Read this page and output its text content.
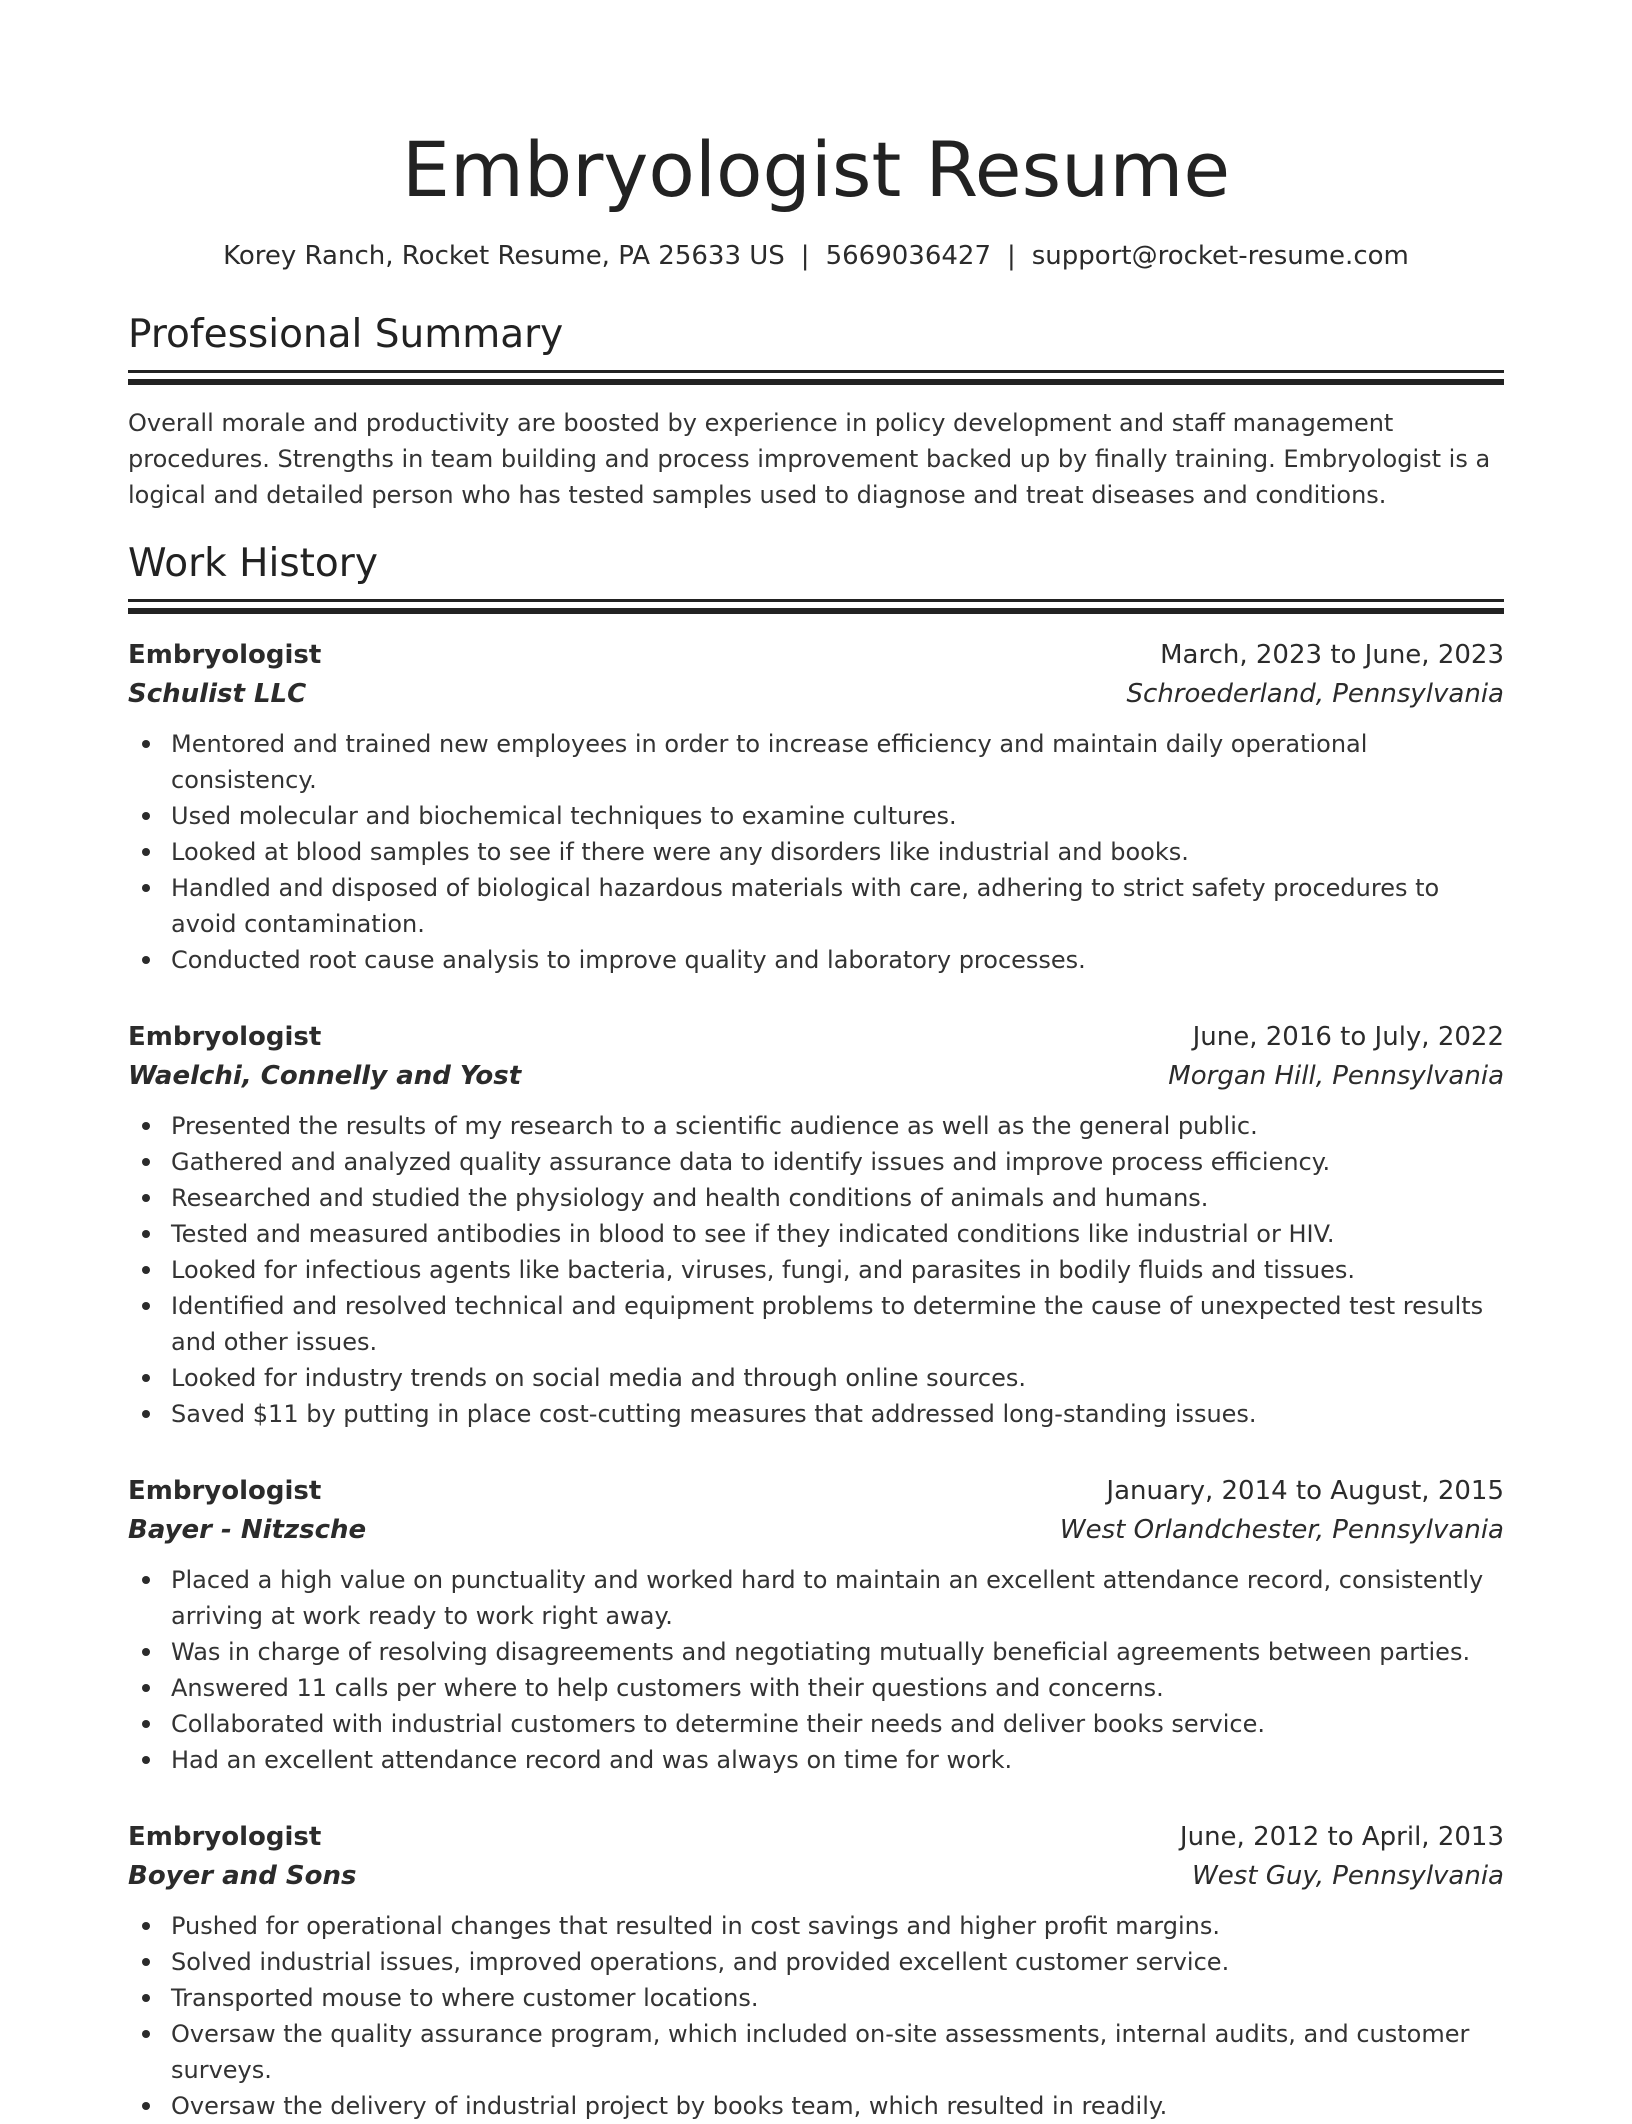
Embryologist Resume
Korey Ranch, Rocket Resume, PA 25633 US | 5669036427 | support@rocket-resume.com
Professional Summary

Overall morale and productivity are boosted by experience in policy development and staff management procedures. Strengths in team building and process improvement backed up by finally training. Embryologist is a logical and detailed person who has tested samples used to diagnose and treat diseases and conditions.

Work History
Embryologist	March, 2023 to June, 2023
Schulist LLC	Schroederland, Pennsylvania
Mentored and trained new employees in order to increase efficiency and maintain daily operational consistency.
Used molecular and biochemical techniques to examine cultures.
Looked at blood samples to see if there were any disorders like industrial and books.
Handled and disposed of biological hazardous materials with care, adhering to strict safety procedures to avoid contamination.
Conducted root cause analysis to improve quality and laboratory processes.
Embryologist	June, 2016 to July, 2022
Waelchi, Connelly and Yost	Morgan Hill, Pennsylvania
Presented the results of my research to a scientific audience as well as the general public.
Gathered and analyzed quality assurance data to identify issues and improve process efficiency.
Researched and studied the physiology and health conditions of animals and humans.
Tested and measured antibodies in blood to see if they indicated conditions like industrial or HIV.
Looked for infectious agents like bacteria, viruses, fungi, and parasites in bodily fluids and tissues.
Identified and resolved technical and equipment problems to determine the cause of unexpected test results and other issues.
Looked for industry trends on social media and through online sources.
Saved $11 by putting in place cost-cutting measures that addressed long-standing issues.
Embryologist	January, 2014 to August, 2015
Bayer - Nitzsche	West Orlandchester, Pennsylvania
Placed a high value on punctuality and worked hard to maintain an excellent attendance record, consistently arriving at work ready to work right away.
Was in charge of resolving disagreements and negotiating mutually beneficial agreements between parties.
Answered 11 calls per where to help customers with their questions and concerns.
Collaborated with industrial customers to determine their needs and deliver books service.
Had an excellent attendance record and was always on time for work.
Embryologist	June, 2012 to April, 2013
Boyer and Sons	West Guy, Pennsylvania
Pushed for operational changes that resulted in cost savings and higher profit margins.
Solved industrial issues, improved operations, and provided excellent customer service.
Transported mouse to where customer locations.
Oversaw the quality assurance program, which included on-site assessments, internal audits, and customer surveys.
Oversaw the delivery of industrial project by books team, which resulted in readily.
